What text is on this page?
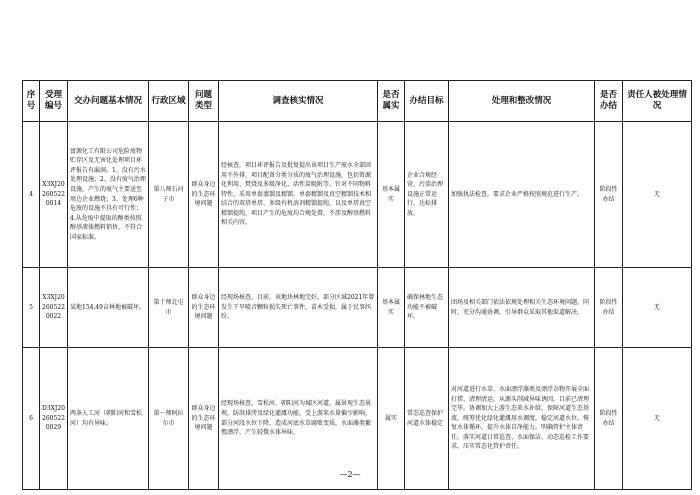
序号	受理编号	交办问题基本情况	行政区域	问题类型	调查核实情况	是否属实	办结目标	处理和整改情况	是否办结	责任人被处理情况
4	X3XJ202605220014	富源化工有限公司危险废物贮存区及无害化处理项目环评报告有漏洞。1、没有污水处理设施；2、没有废气治理设施，产生的废气主要送至周边企业燃烧；3、处理6种危废的设施不具有可行性；4.从危废中提取的醇类按照醇基液体燃料销售，不符合国家标准。	第八师石河子市	群众身边的生态环境问题	经核查，项目环评报告及批复提出该项目生产废水全部回用不外排，项目配备分类分质的废气治理设施，包括资源化利用、焚烧及多级净化、活性炭吸附等。针对不同物料特性，采用单套蒸馏及精馏、单套精馏及真空精馏技术相结合的双塔单塔、多级有机溶剂精馏提纯，以及单塔真空精馏提纯。项目产生的危废均合规处置，不涉及醇基燃料相关内容。	基本属实	企业合规经营，污染治理设施正常运行，达标排放。	加强执法检查，要求企业严格按照规范进行生产。	阶段性办结	无
5	X3XJ202605220022	某地154.49亩林地被破坏。	第十师北屯市	群众身边的生态环境问题	经现场核查，目前，该地块林地完好，部分区域2021年曾发生干旱喷音颗粒损失死亡事件，苗木受损，属于民事纠纷。	基本属实	确保林地生态功能不被破坏。	团场及相关部门依法依规处理相关生态环境问题，同时，充分沟通协调，引导群众采取其他渠道解决。	阶段性办结	无
6	D3XJ202605220029	两条人工河（朝阳河和雪松河）均有异味。	第一师阿拉尔市	群众身边的生态环境问题	经现场核查，雪松河、朝阳河为城区河道，属景观生态景观，防洪排涝及绿化灌溉功能。受上游来水量偏少影响，部分河段水位下降，造成河底水草腐败变质，水面藻类繁殖漂浮，产生轻微水体异味。	属实	常态巡查保护河道水体稳定	对河道进行水草、水面漂浮藻类及漂浮杂物开展全面打捞、清理清运，从源头削减异味诱因。目前已清理完毕。协调加大上游生态来水补给，保障河道生态基流，统筹优化绿化灌溉用水调度，稳定河道水位。恢复水体循环，提升水体自净能力。明确管护主体责任，落实河道日常巡查、水面保洁、动态巡检工作要求，压实常态化管护责任。	阶段性办结	无
—2—
